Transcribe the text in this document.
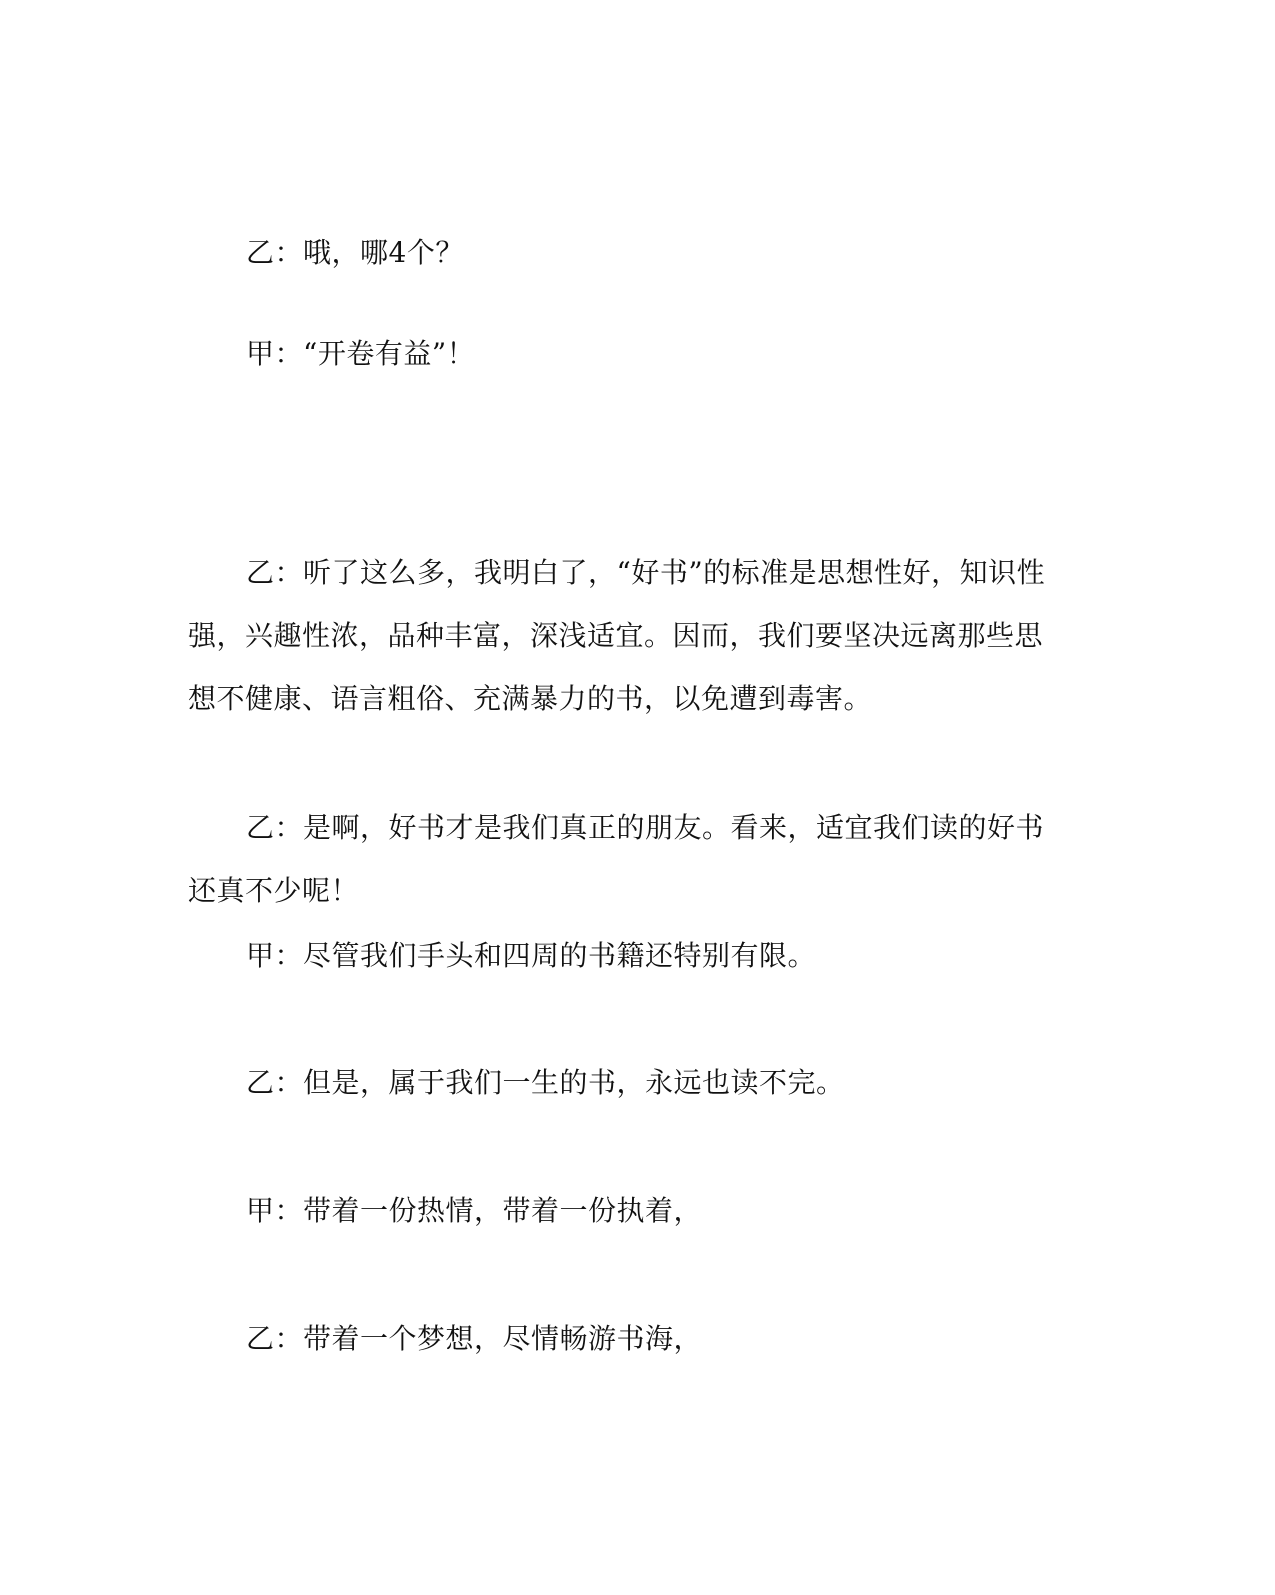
乙：哦，哪4个？

甲：“开卷有益”！

乙：听了这么多，我明白了，“好书”的标准是思想性好，知识性强，兴趣性浓，品种丰富，深浅适宜。因而，我们要坚决远离那些思想不健康、语言粗俗、充满暴力的书，以免遭到毒害。

乙：是啊，好书才是我们真正的朋友。看来，适宜我们读的好书还真不少呢！

甲：尽管我们手头和四周的书籍还特别有限。

乙：但是，属于我们一生的书，永远也读不完。

甲：带着一份热情，带着一份执着，

乙：带着一个梦想，尽情畅游书海，
